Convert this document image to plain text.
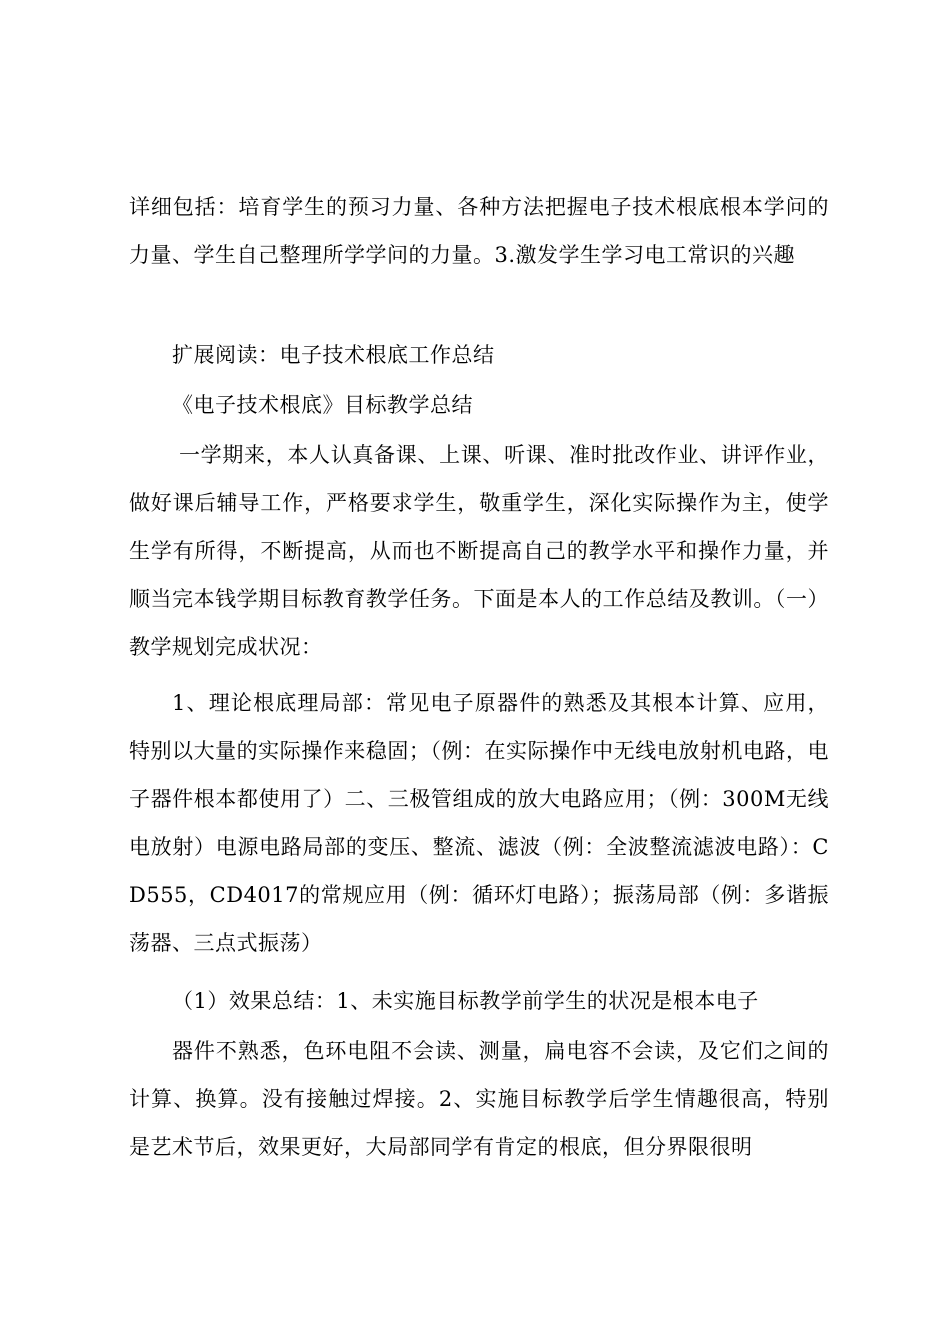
详细包括：培育学生的预习力量、各种方法把握电子技术根底根本学问的力量、学生自己整理所学学问的力量。3.激发学生学习电工常识的兴趣

扩展阅读：电子技术根底工作总结

《电子技术根底》目标教学总结

一学期来，本人认真备课、上课、听课、准时批改作业、讲评作业，做好课后辅导工作，严格要求学生，敬重学生，深化实际操作为主，使学生学有所得，不断提高，从而也不断提高自己的教学水平和操作力量，并顺当完本钱学期目标教育教学任务。下面是本人的工作总结及教训。（一）教学规划完成状况：

1、理论根底理局部：常见电子原器件的熟悉及其根本计算、应用，特别以大量的实际操作来稳固；（例：在实际操作中无线电放射机电路，电子器件根本都使用了）二、三极管组成的放大电路应用；（例：300M无线电放射）电源电路局部的变压、整流、滤波（例：全波整流滤波电路）：CD555，CD4017的常规应用（例：循环灯电路）；振荡局部（例：多谐振荡器、三点式振荡）

（1）效果总结：1、未实施目标教学前学生的状况是根本电子

器件不熟悉，色环电阻不会读、测量，扁电容不会读，及它们之间的计算、换算。没有接触过焊接。2、实施目标教学后学生情趣很高，特别是艺术节后，效果更好，大局部同学有肯定的根底，但分界限很明
